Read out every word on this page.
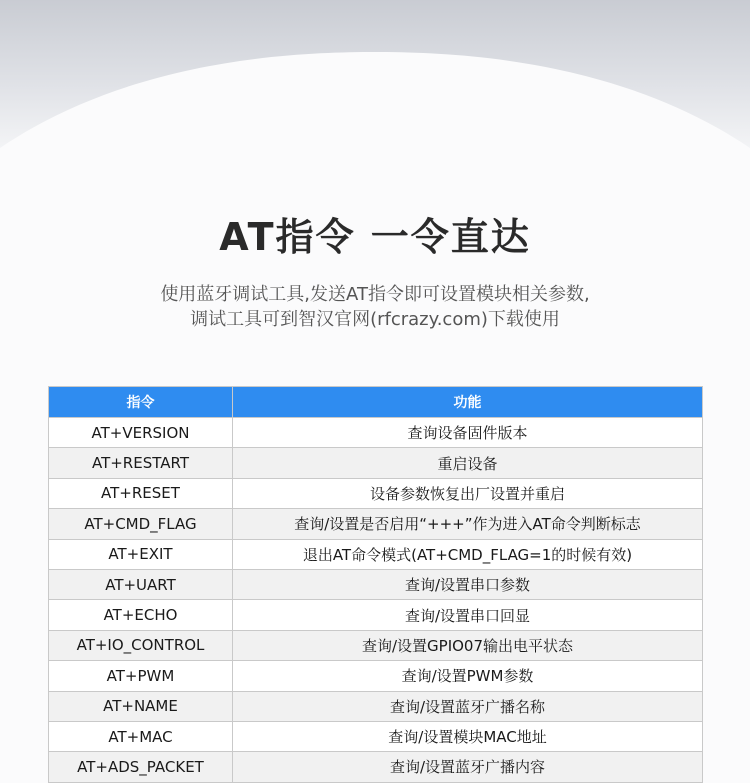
AT指令 一令直达
使用蓝牙调试工具,发送AT指令即可设置模块相关参数,
调试工具可到智汉官网(rfcrazy.com)下载使用
指令	功能
AT+VERSION	查询设备固件版本
AT+RESTART	重启设备
AT+RESET	设备参数恢复出厂设置并重启
AT+CMD_FLAG	查询/设置是否启用“+++”作为进入AT命令判断标志
AT+EXIT	退出AT命令模式(AT+CMD_FLAG=1的时候有效)
AT+UART	查询/设置串口参数
AT+ECHO	查询/设置串口回显
AT+IO_CONTROL	查询/设置GPIO07输出电平状态
AT+PWM	查询/设置PWM参数
AT+NAME	查询/设置蓝牙广播名称
AT+MAC	查询/设置模块MAC地址
AT+ADS_PACKET	查询/设置蓝牙广播内容
